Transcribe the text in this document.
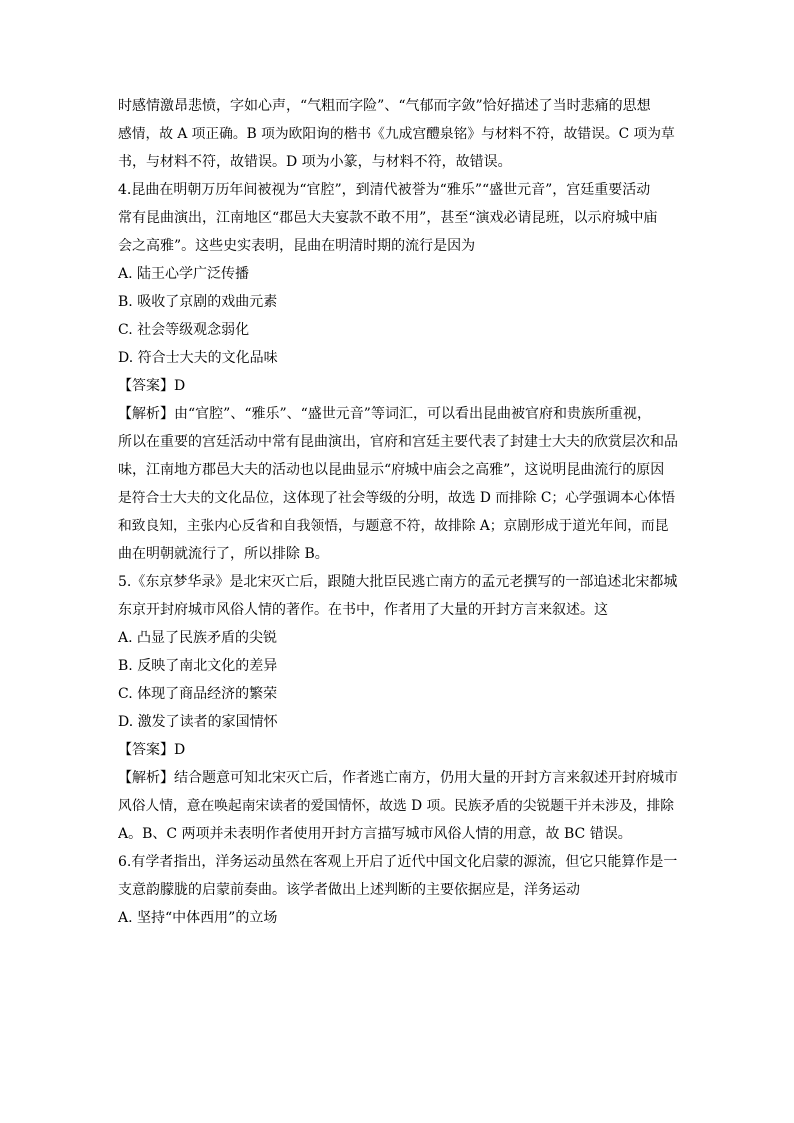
时感情激昂悲愤，字如心声，“气粗而字险”、“气郁而字敛”恰好描述了当时悲痛的思想
感情，故 A 项正确。B 项为欧阳询的楷书《九成宫醴泉铭》与材料不符，故错误。C 项为草
书，与材料不符，故错误。D 项为小篆，与材料不符，故错误。
4.昆曲在明朝万历年间被视为“官腔”，到清代被誉为“雅乐”“盛世元音”，宫廷重要活动
常有昆曲演出，江南地区“郡邑大夫宴款不敢不用”，甚至“演戏必请昆班，以示府城中庙
会之高雅”。这些史实表明，昆曲在明清时期的流行是因为
A. 陆王心学广泛传播
B. 吸收了京剧的戏曲元素
C. 社会等级观念弱化
D. 符合士大夫的文化品味
【答案】D
【解析】由“官腔”、“雅乐”、“盛世元音”等词汇，可以看出昆曲被官府和贵族所重视，
所以在重要的宫廷活动中常有昆曲演出，官府和宫廷主要代表了封建士大夫的欣赏层次和品
味，江南地方郡邑大夫的活动也以昆曲显示“府城中庙会之高雅”，这说明昆曲流行的原因
是符合士大夫的文化品位，这体现了社会等级的分明，故选 D 而排除 C；心学强调本心体悟
和致良知，主张内心反省和自我领悟，与题意不符，故排除 A；京剧形成于道光年间，而昆
曲在明朝就流行了，所以排除 B。
5.《东京梦华录》是北宋灭亡后，跟随大批臣民逃亡南方的孟元老撰写的一部追述北宋都城
东京开封府城市风俗人情的著作。在书中，作者用了大量的开封方言来叙述。这
A. 凸显了民族矛盾的尖锐
B. 反映了南北文化的差异
C. 体现了商品经济的繁荣
D. 激发了读者的家国情怀
【答案】D
【解析】结合题意可知北宋灭亡后，作者逃亡南方，仍用大量的开封方言来叙述开封府城市
风俗人情，意在唤起南宋读者的爱国情怀，故选 D 项。民族矛盾的尖锐题干并未涉及，排除
A。B、C 两项并未表明作者使用开封方言描写城市风俗人情的用意，故 BC 错误。
6.有学者指出，洋务运动虽然在客观上开启了近代中国文化启蒙的源流，但它只能算作是一
支意韵朦胧的启蒙前奏曲。该学者做出上述判断的主要依据应是，洋务运动
A. 坚持“中体西用”的立场
